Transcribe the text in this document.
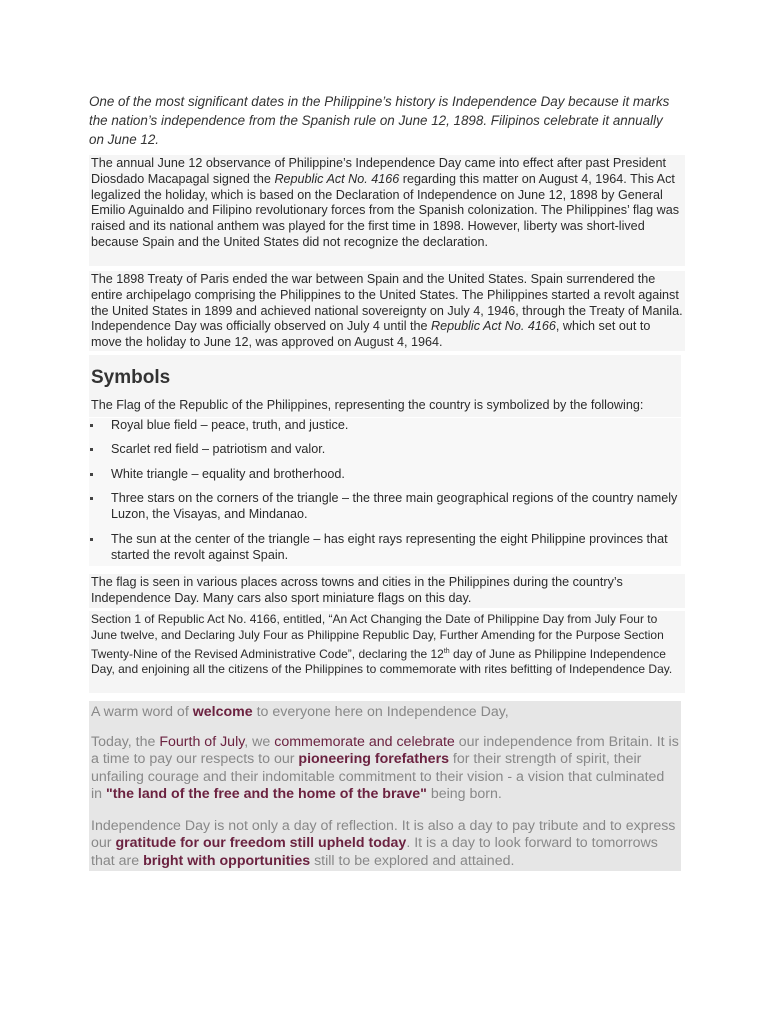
One of the most significant dates in the Philippine’s history is Independence Day because it marks the nation’s independence from the Spanish rule on June 12, 1898. Filipinos celebrate it annually on June 12.

The annual June 12 observance of Philippine’s Independence Day came into effect after past President Diosdado Macapagal signed the Republic Act No. 4166 regarding this matter on August 4, 1964. This Act legalized the holiday, which is based on the Declaration of Independence on June 12, 1898 by General Emilio Aguinaldo and Filipino revolutionary forces from the Spanish colonization. The Philippines’ flag was raised and its national anthem was played for the first time in 1898. However, liberty was short-lived because Spain and the United States did not recognize the declaration.
The 1898 Treaty of Paris ended the war between Spain and the United States. Spain surrendered the entire archipelago comprising the Philippines to the United States. The Philippines started a revolt against the United States in 1899 and achieved national sovereignty on July 4, 1946, through the Treaty of Manila. Independence Day was officially observed on July 4 until the Republic Act No. 4166, which set out to move the holiday to June 12, was approved on August 4, 1964.
Symbols
The Flag of the Republic of the Philippines, representing the country is symbolized by the following:
Royal blue field – peace, truth, and justice.
Scarlet red field – patriotism and valor.
White triangle – equality and brotherhood.
Three stars on the corners of the triangle – the three main geographical regions of the country namely Luzon, the Visayas, and Mindanao.
The sun at the center of the triangle – has eight rays representing the eight Philippine provinces that started the revolt against Spain.
The flag is seen in various places across towns and cities in the Philippines during the country’s Independence Day. Many cars also sport miniature flags on this day.
Section 1 of Republic Act No. 4166, entitled, “An Act Changing the Date of Philippine Day from July Four to June twelve, and Declaring July Four as Philippine Republic Day, Further Amending for the Purpose Section Twenty-Nine of the Revised Administrative Code”, declaring the 12th day of June as Philippine Independence Day, and enjoining all the citizens of the Philippines to commemorate with rites befitting of Independence Day.

A warm word of welcome to everyone here on Independence Day,

Today, the Fourth of July, we commemorate and celebrate our independence from Britain. It is a time to pay our respects to our pioneering forefathers for their strength of spirit, their unfailing courage and their indomitable commitment to their vision - a vision that culminated in "the land of the free and the home of the brave" being born.

Independence Day is not only a day of reflection. It is also a day to pay tribute and to express our gratitude for our freedom still upheld today. It is a day to look forward to tomorrows that are bright with opportunities still to be explored and attained.
